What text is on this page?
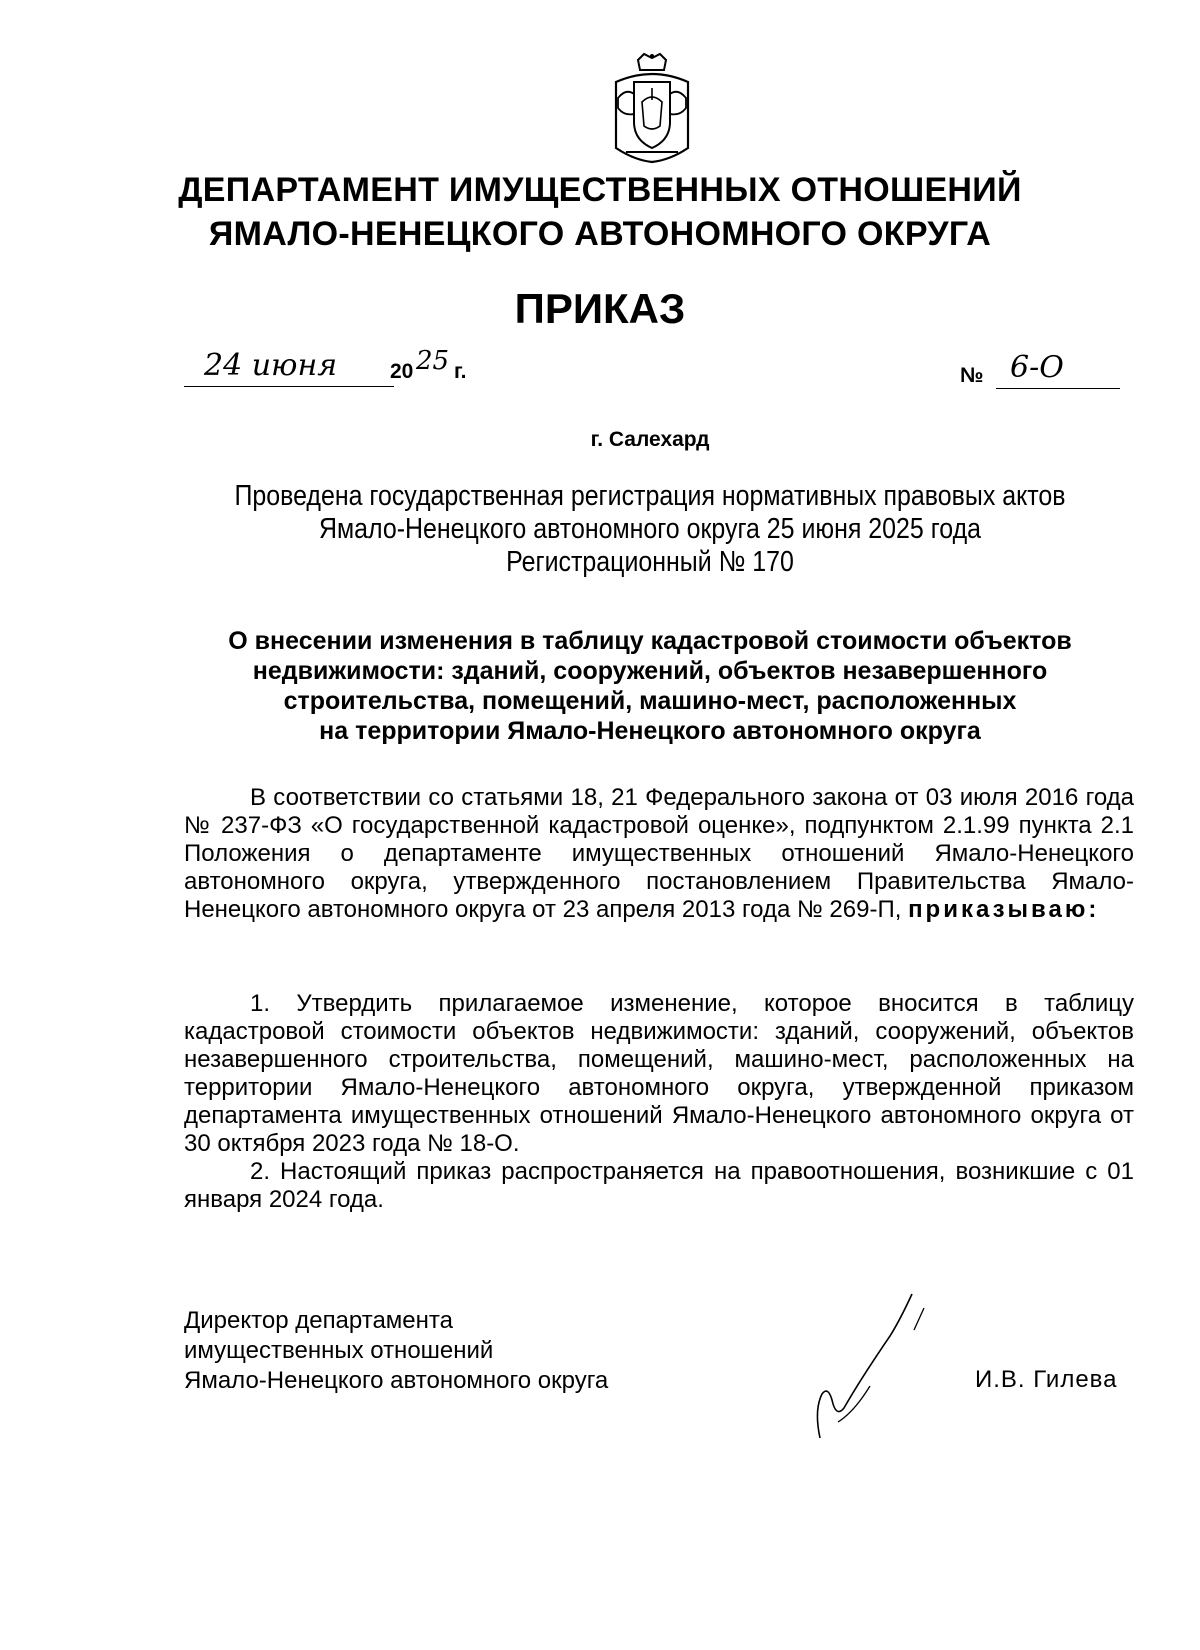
ДЕПАРТАМЕНТ ИМУЩЕСТВЕННЫХ ОТНОШЕНИЙ
ЯМАЛО-НЕНЕЦКОГО АВТОНОМНОГО ОКРУГА
ПРИКАЗ
24 июня	20 25 г.	№ 6-О
г. Салехард
Проведена государственная регистрация нормативных правовых актов
Ямало-Ненецкого автономного округа 25 июня 2025 года
Регистрационный № 170
О внесении изменения в таблицу кадастровой стоимости объектов
недвижимости: зданий, сооружений, объектов незавершенного
строительства, помещений, машино-мест, расположенных
на территории Ямало-Ненецкого автономного округа

В соответствии со статьями 18, 21 Федерального закона от 03 июля 2016 года № 237-ФЗ «О государственной кадастровой оценке», подпунктом 2.1.99 пункта 2.1 Положения о департаменте имущественных отношений Ямало-Ненецкого автономного округа, утвержденного постановлением Правительства Ямало-Ненецкого автономного округа от 23 апреля 2013 года № 269-П, приказываю:

1. Утвердить прилагаемое изменение, которое вносится в таблицу кадастровой стоимости объектов недвижимости: зданий, сооружений, объектов незавершенного строительства, помещений, машино-мест, расположенных на территории Ямало-Ненецкого автономного округа, утвержденной приказом департамента имущественных отношений Ямало-Ненецкого автономного округа от 30 октября 2023 года № 18-О.

2. Настоящий приказ распространяется на правоотношения, возникшие с 01 января 2024 года.

Директор департамента
имущественных отношений
Ямало-Ненецкого автономного округа	И.В. Гилева
